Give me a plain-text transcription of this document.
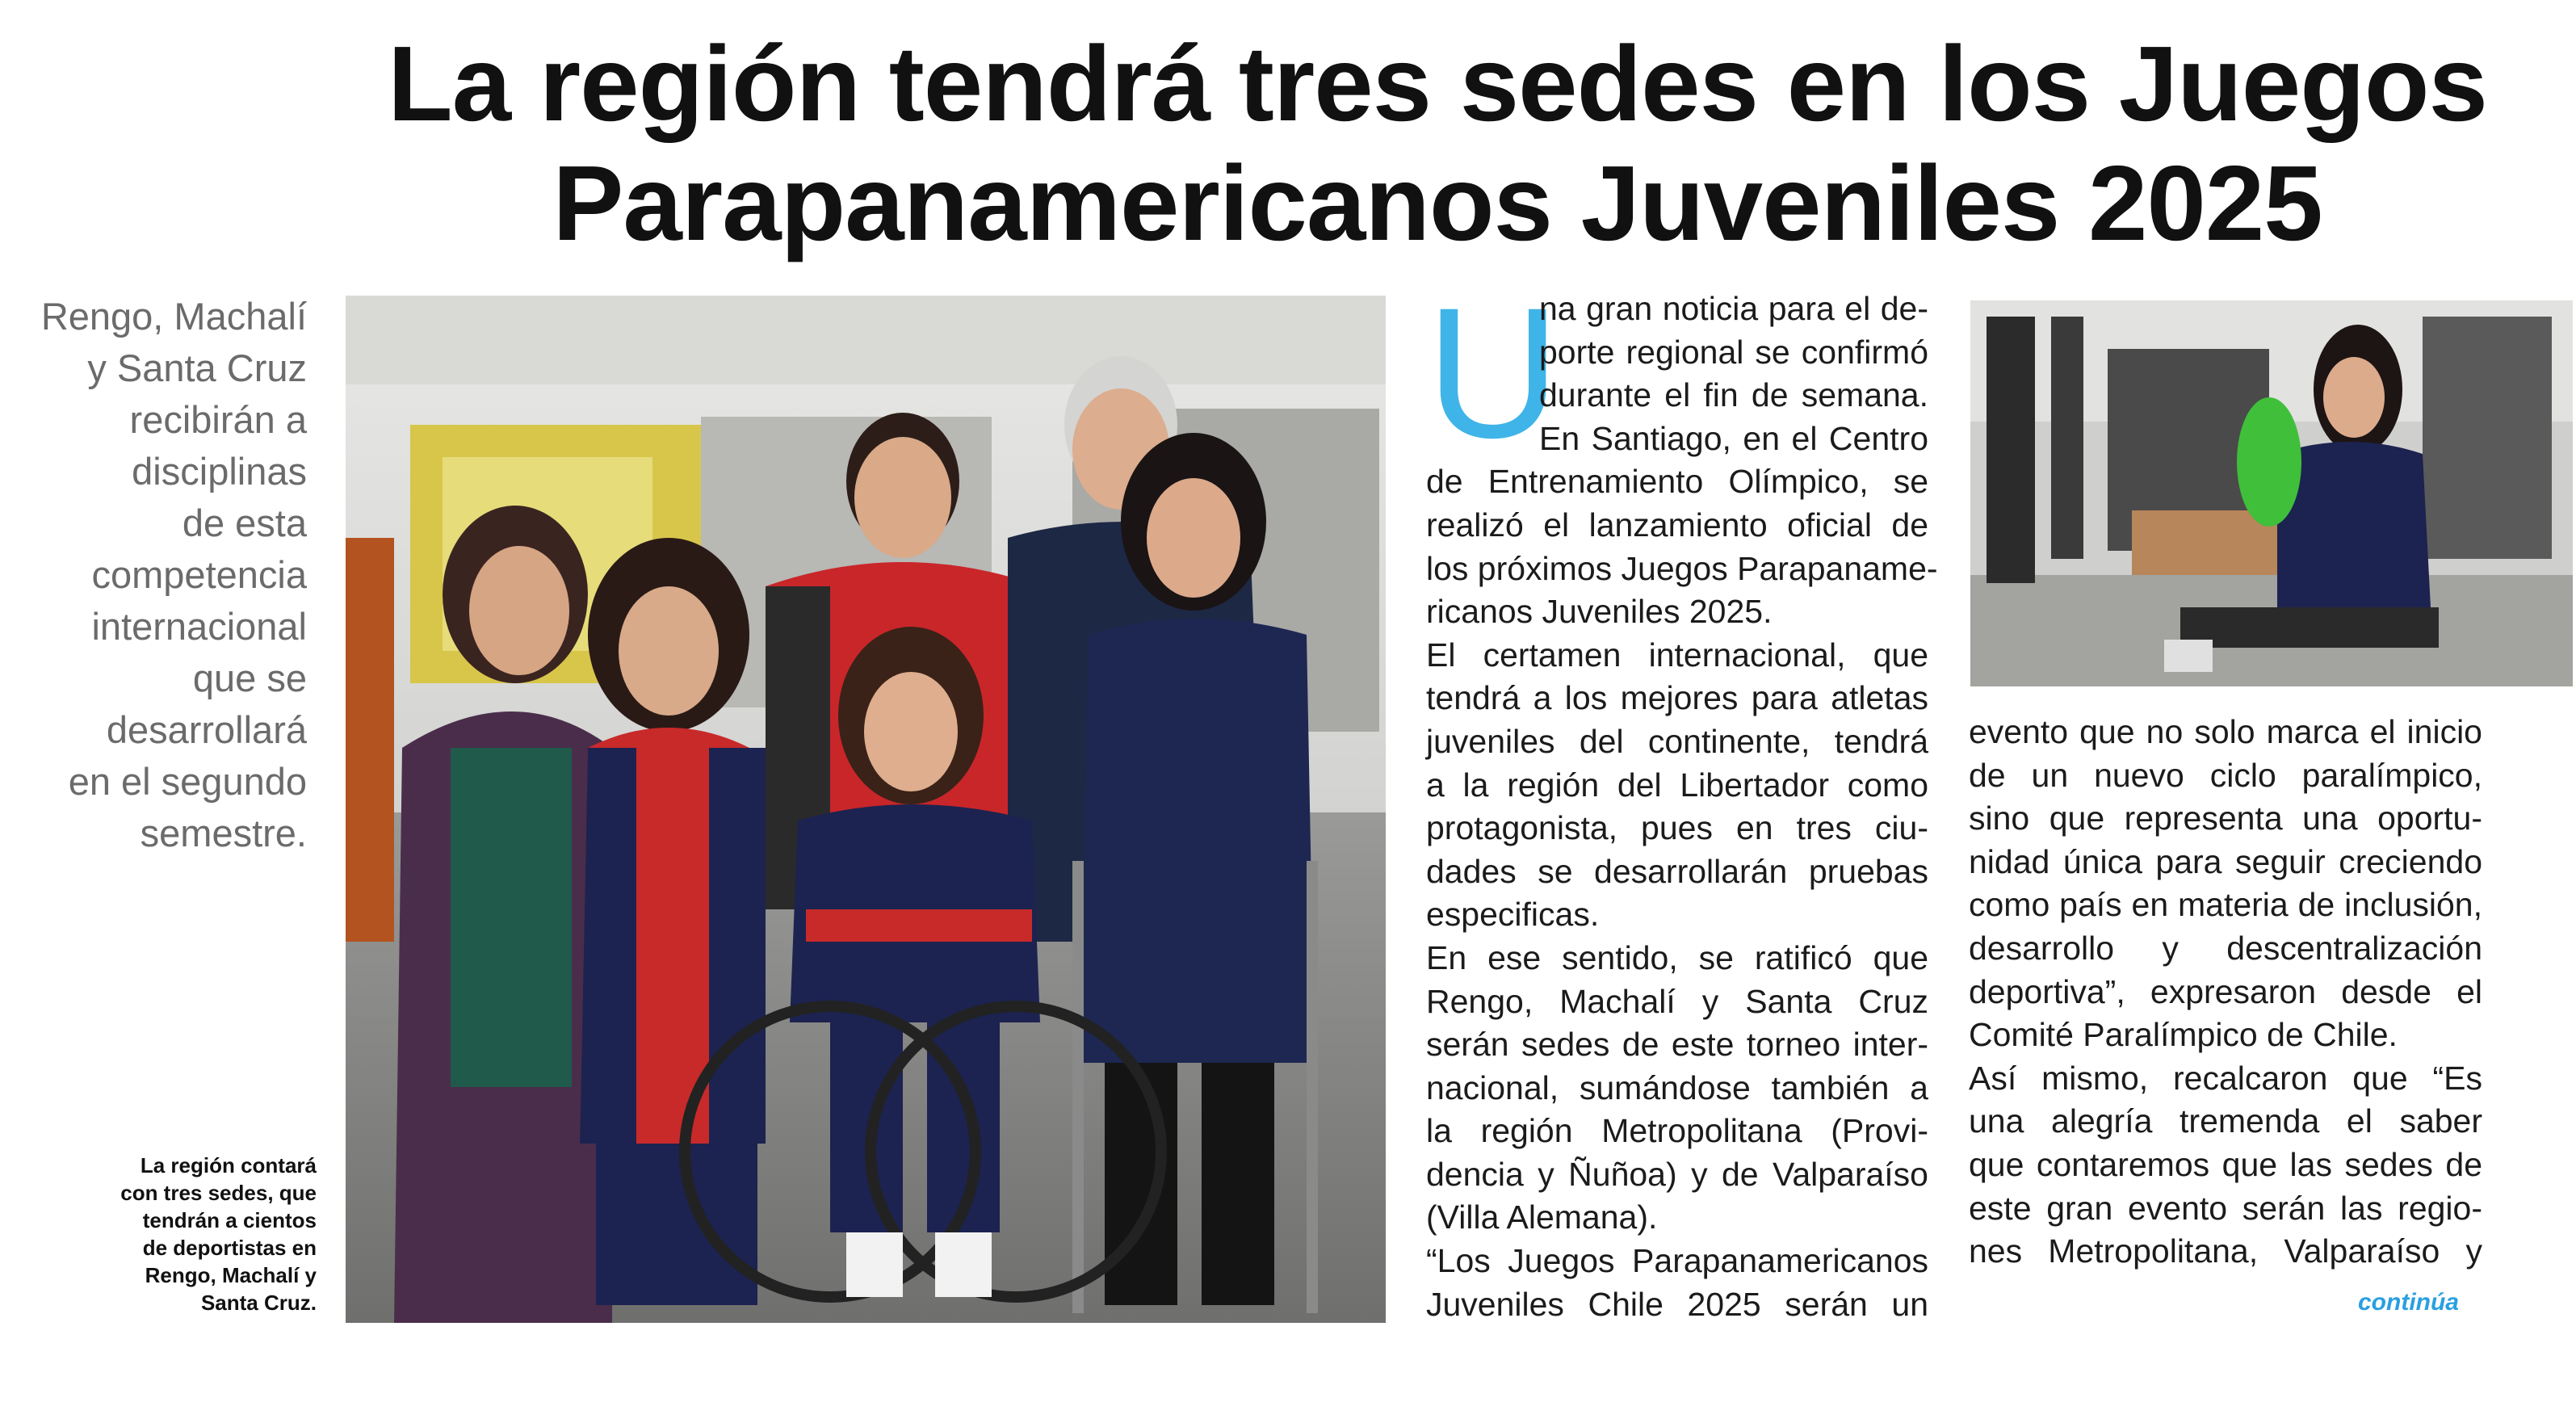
La región tendrá tres sedes en los Juegos
Parapanamericanos Juveniles 2025
Rengo, Machalí
y Santa Cruz
recibirán a
disciplinas
de esta
competencia
internacional
que se
desarrollará
en el segundo
semestre.
La región contará
con tres sedes, que
tendrán a cientos
de deportistas en
Rengo, Machalí y
Santa Cruz.
U
na gran noticia para el de-
porte regional se confirmó
durante el fin de semana.
En Santiago, en el Centro
de Entrenamiento Olímpico, se
realizó el lanzamiento oficial de
los próximos Juegos Parapaname-
ricanos Juveniles 2025.
El certamen internacional, que
tendrá a los mejores para atletas
juveniles del continente, tendrá
a la región del Libertador como
protagonista, pues en tres ciu-
dades se desarrollarán pruebas
especificas.
En ese sentido, se ratificó que
Rengo, Machalí y Santa Cruz
serán sedes de este torneo inter-
nacional, sumándose también a
la región Metropolitana (Provi-
dencia y Ñuñoa) y de Valparaíso
(Villa Alemana).
“Los Juegos Parapanamericanos
Juveniles Chile 2025 serán un
evento que no solo marca el inicio
de un nuevo ciclo paralímpico,
sino que representa una oportu-
nidad única para seguir creciendo
como país en materia de inclusión,
desarrollo y descentralización
deportiva”, expresaron desde el
Comité Paralímpico de Chile.
Así mismo, recalcaron que “Es
una alegría tremenda el saber
que contaremos que las sedes de
este gran evento serán las regio-
nes Metropolitana, Valparaíso y
continúa
